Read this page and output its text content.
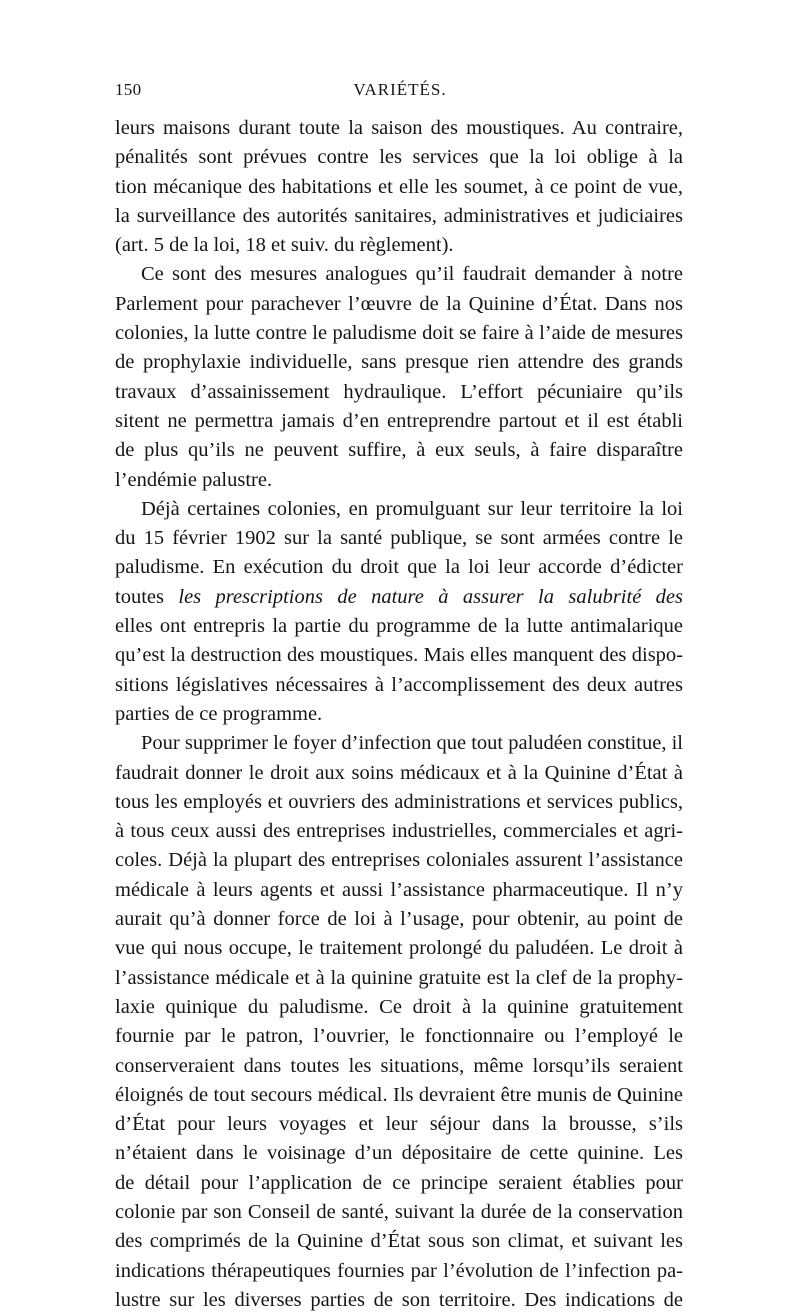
150	VARIÉTÉS.
leurs maisons durant toute la saison des moustiques. Au contraire,
pénalités sont prévues contre les services que la loi oblige à la
tion mécanique des habitations et elle les soumet, à ce point de vue,
la surveillance des autorités sanitaires, administratives et judiciaires
(art. 5 de la loi, 18 et suiv. du règlement).
Ce sont des mesures analogues qu’il faudrait demander à notre
Parlement pour parachever l’œuvre de la Quinine d’État. Dans nos
colonies, la lutte contre le paludisme doit se faire à l’aide de mesures
de prophylaxie individuelle, sans presque rien attendre des grands
travaux d’assainissement hydraulique. L’effort pécuniaire qu’ils
sitent ne permettra jamais d’en entreprendre partout et il est établi
de plus qu’ils ne peuvent suffire, à eux seuls, à faire disparaître
l’endémie palustre.
Déjà certaines colonies, en promulguant sur leur territoire la loi
du 15 février 1902 sur la santé publique, se sont armées contre le
paludisme. En exécution du droit que la loi leur accorde d’édicter
toutes les prescriptions de nature à assurer la salubrité des
elles ont entrepris la partie du programme de la lutte antimalarique
qu’est la destruction des moustiques. Mais elles manquent des dispo-
sitions législatives nécessaires à l’accomplissement des deux autres
parties de ce programme.
Pour supprimer le foyer d’infection que tout paludéen constitue, il
faudrait donner le droit aux soins médicaux et à la Quinine d’État à
tous les employés et ouvriers des administrations et services publics,
à tous ceux aussi des entreprises industrielles, commerciales et agri-
coles. Déjà la plupart des entreprises coloniales assurent l’assistance
médicale à leurs agents et aussi l’assistance pharmaceutique. Il n’y
aurait qu’à donner force de loi à l’usage, pour obtenir, au point de
vue qui nous occupe, le traitement prolongé du paludéen. Le droit à
l’assistance médicale et à la quinine gratuite est la clef de la prophy-
laxie quinique du paludisme. Ce droit à la quinine gratuitement
fournie par le patron, l’ouvrier, le fonctionnaire ou l’employé le
conserveraient dans toutes les situations, même lorsqu’ils seraient
éloignés de tout secours médical. Ils devraient être munis de Quinine
d’État pour leurs voyages et leur séjour dans la brousse, s’ils
n’étaient dans le voisinage d’un dépositaire de cette quinine. Les
de détail pour l’application de ce principe seraient établies pour
colonie par son Conseil de santé, suivant la durée de la conservation
des comprimés de la Quinine d’État sous son climat, et suivant les
indications thérapeutiques fournies par l’évolution de l’infection pa-
lustre sur les diverses parties de son territoire. Des indications de
